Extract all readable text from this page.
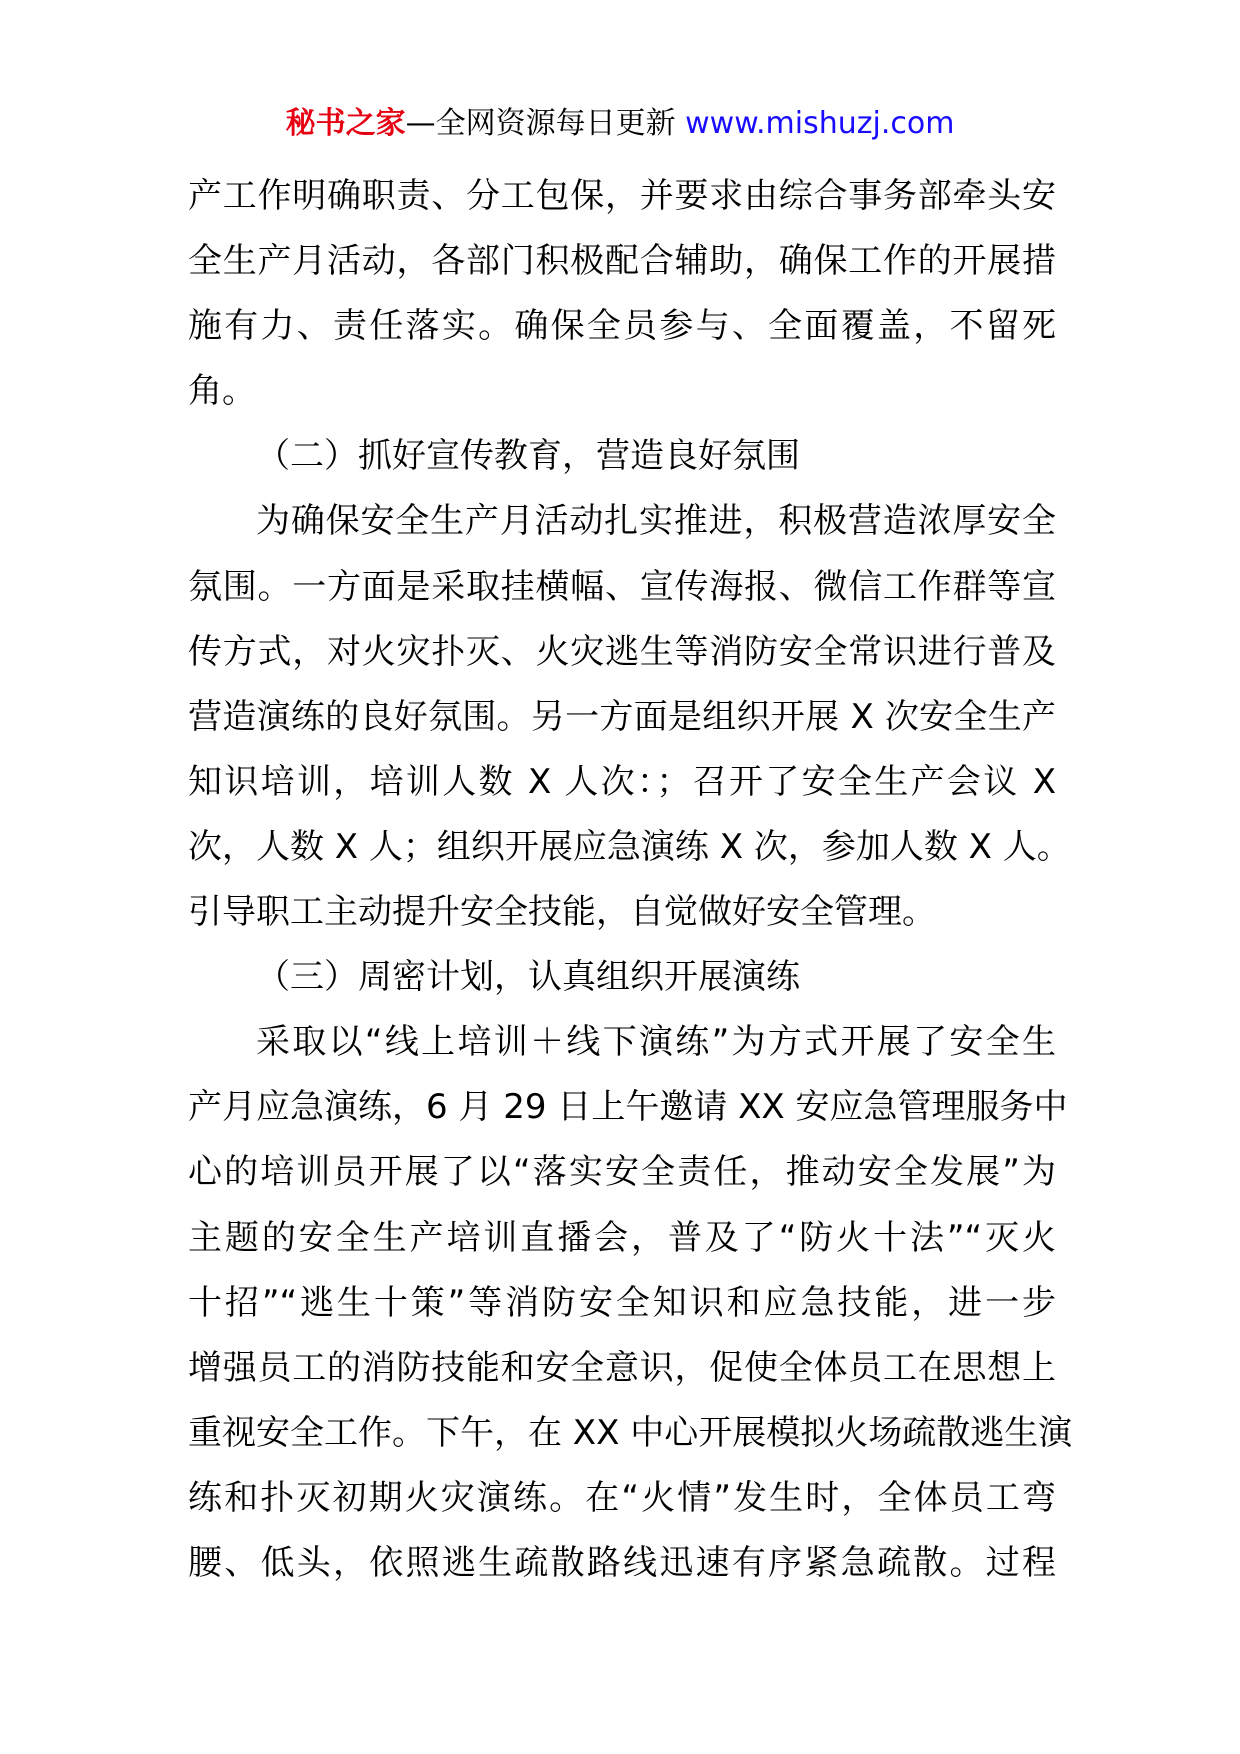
秘书之家—全网资源每日更新 www.mishuzj.com
产工作明确职责、分工包保，并要求由综合事务部牵头安
全生产月活动，各部门积极配合辅助，确保工作的开展措
施有力、责任落实。确保全员参与、全面覆盖，不留死
角。
（二）抓好宣传教育，营造良好氛围
为确保安全生产月活动扎实推进，积极营造浓厚安全
氛围。一方面是采取挂横幅、宣传海报、微信工作群等宣
传方式，对火灾扑灭、火灾逃生等消防安全常识进行普及
营造演练的良好氛围。另一方面是组织开展 X 次安全生产
知识培训，培训人数 X 人次：；召开了安全生产会议 X
次，人数 X 人；组织开展应急演练 X 次，参加人数 X 人。
引导职工主动提升安全技能，自觉做好安全管理。
（三）周密计划，认真组织开展演练
采取以“线上培训＋线下演练”为方式开展了安全生
产月应急演练，6 月 29 日上午邀请 XX 安应急管理服务中
心的培训员开展了以“落实安全责任，推动安全发展”为
主题的安全生产培训直播会，普及了“防火十法”“灭火
十招”“逃生十策”等消防安全知识和应急技能，进一步
增强员工的消防技能和安全意识，促使全体员工在思想上
重视安全工作。下午，在 XX 中心开展模拟火场疏散逃生演
练和扑灭初期火灾演练。在“火情”发生时，全体员工弯
腰、低头，依照逃生疏散路线迅速有序紧急疏散。过程
